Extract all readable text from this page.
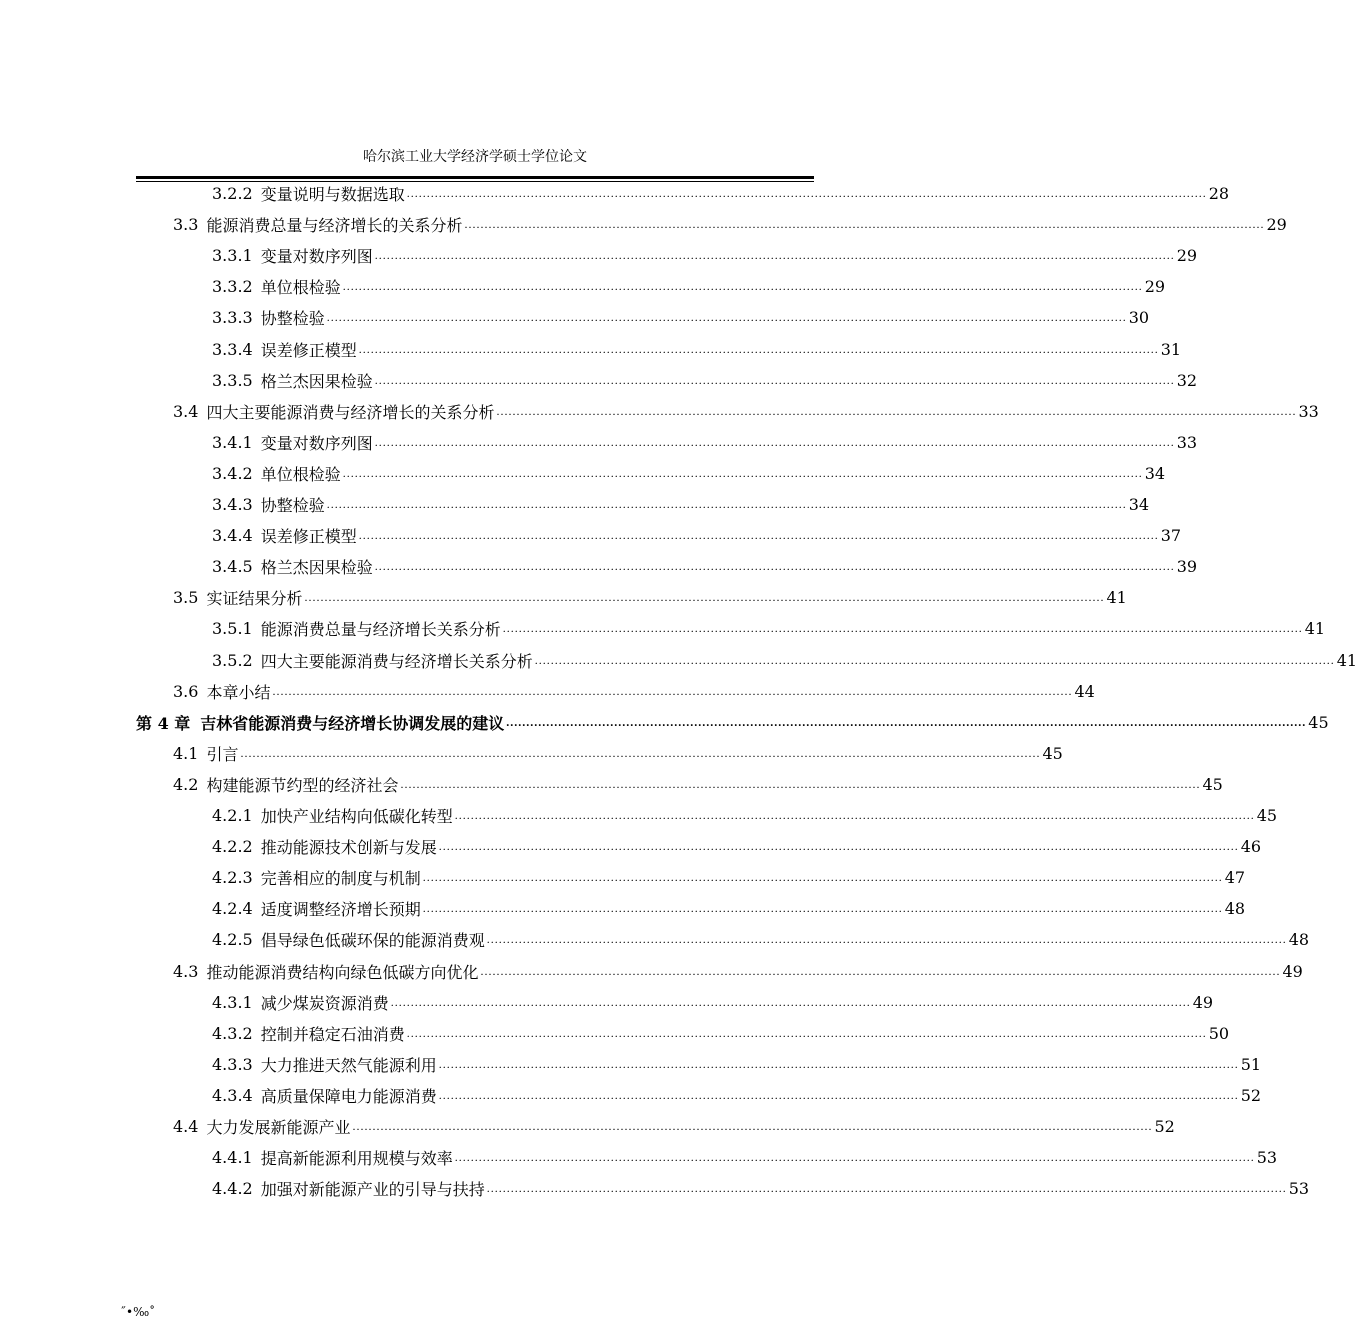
哈尔滨工业大学经济学硕士学位论文
3.2.2 变量说明与数据选取 ........................................................................................................................................................................................................ 28
3.3 能源消费总量与经济增长的关系分析 ........................................................................................................................................................................................................ 29
3.3.1 变量对数序列图 ........................................................................................................................................................................................................ 29
3.3.2 单位根检验 ........................................................................................................................................................................................................ 29
3.3.3 协整检验 ........................................................................................................................................................................................................ 30
3.3.4 误差修正模型 ........................................................................................................................................................................................................ 31
3.3.5 格兰杰因果检验 ........................................................................................................................................................................................................ 32
3.4 四大主要能源消费与经济增长的关系分析 ........................................................................................................................................................................................................ 33
3.4.1 变量对数序列图 ........................................................................................................................................................................................................ 33
3.4.2 单位根检验 ........................................................................................................................................................................................................ 34
3.4.3 协整检验 ........................................................................................................................................................................................................ 34
3.4.4 误差修正模型 ........................................................................................................................................................................................................ 37
3.4.5 格兰杰因果检验 ........................................................................................................................................................................................................ 39
3.5 实证结果分析 ........................................................................................................................................................................................................ 41
3.5.1 能源消费总量与经济增长关系分析 ........................................................................................................................................................................................................ 41
3.5.2 四大主要能源消费与经济增长关系分析 ........................................................................................................................................................................................................ 41
3.6 本章小结 ........................................................................................................................................................................................................ 44
第 4 章 吉林省能源消费与经济增长协调发展的建议 ........................................................................................................................................................................................................ 45
4.1 引言 ........................................................................................................................................................................................................ 45
4.2 构建能源节约型的经济社会 ........................................................................................................................................................................................................ 45
4.2.1 加快产业结构向低碳化转型 ........................................................................................................................................................................................................ 45
4.2.2 推动能源技术创新与发展 ........................................................................................................................................................................................................ 46
4.2.3 完善相应的制度与机制 ........................................................................................................................................................................................................ 47
4.2.4 适度调整经济增长预期 ........................................................................................................................................................................................................ 48
4.2.5 倡导绿色低碳环保的能源消费观 ........................................................................................................................................................................................................ 48
4.3 推动能源消费结构向绿色低碳方向优化 ........................................................................................................................................................................................................ 49
4.3.1 减少煤炭资源消费 ........................................................................................................................................................................................................ 49
4.3.2 控制并稳定石油消费 ........................................................................................................................................................................................................ 50
4.3.3 大力推进天然气能源利用 ........................................................................................................................................................................................................ 51
4.3.4 高质量保障电力能源消费 ........................................................................................................................................................................................................ 52
4.4 大力发展新能源产业 ........................................................................................................................................................................................................ 52
4.4.1 提高新能源利用规模与效率 ........................................................................................................................................................................................................ 53
4.4.2 加强对新能源产业的引导与扶持 ........................................................................................................................................................................................................ 53
˝•‰˚
